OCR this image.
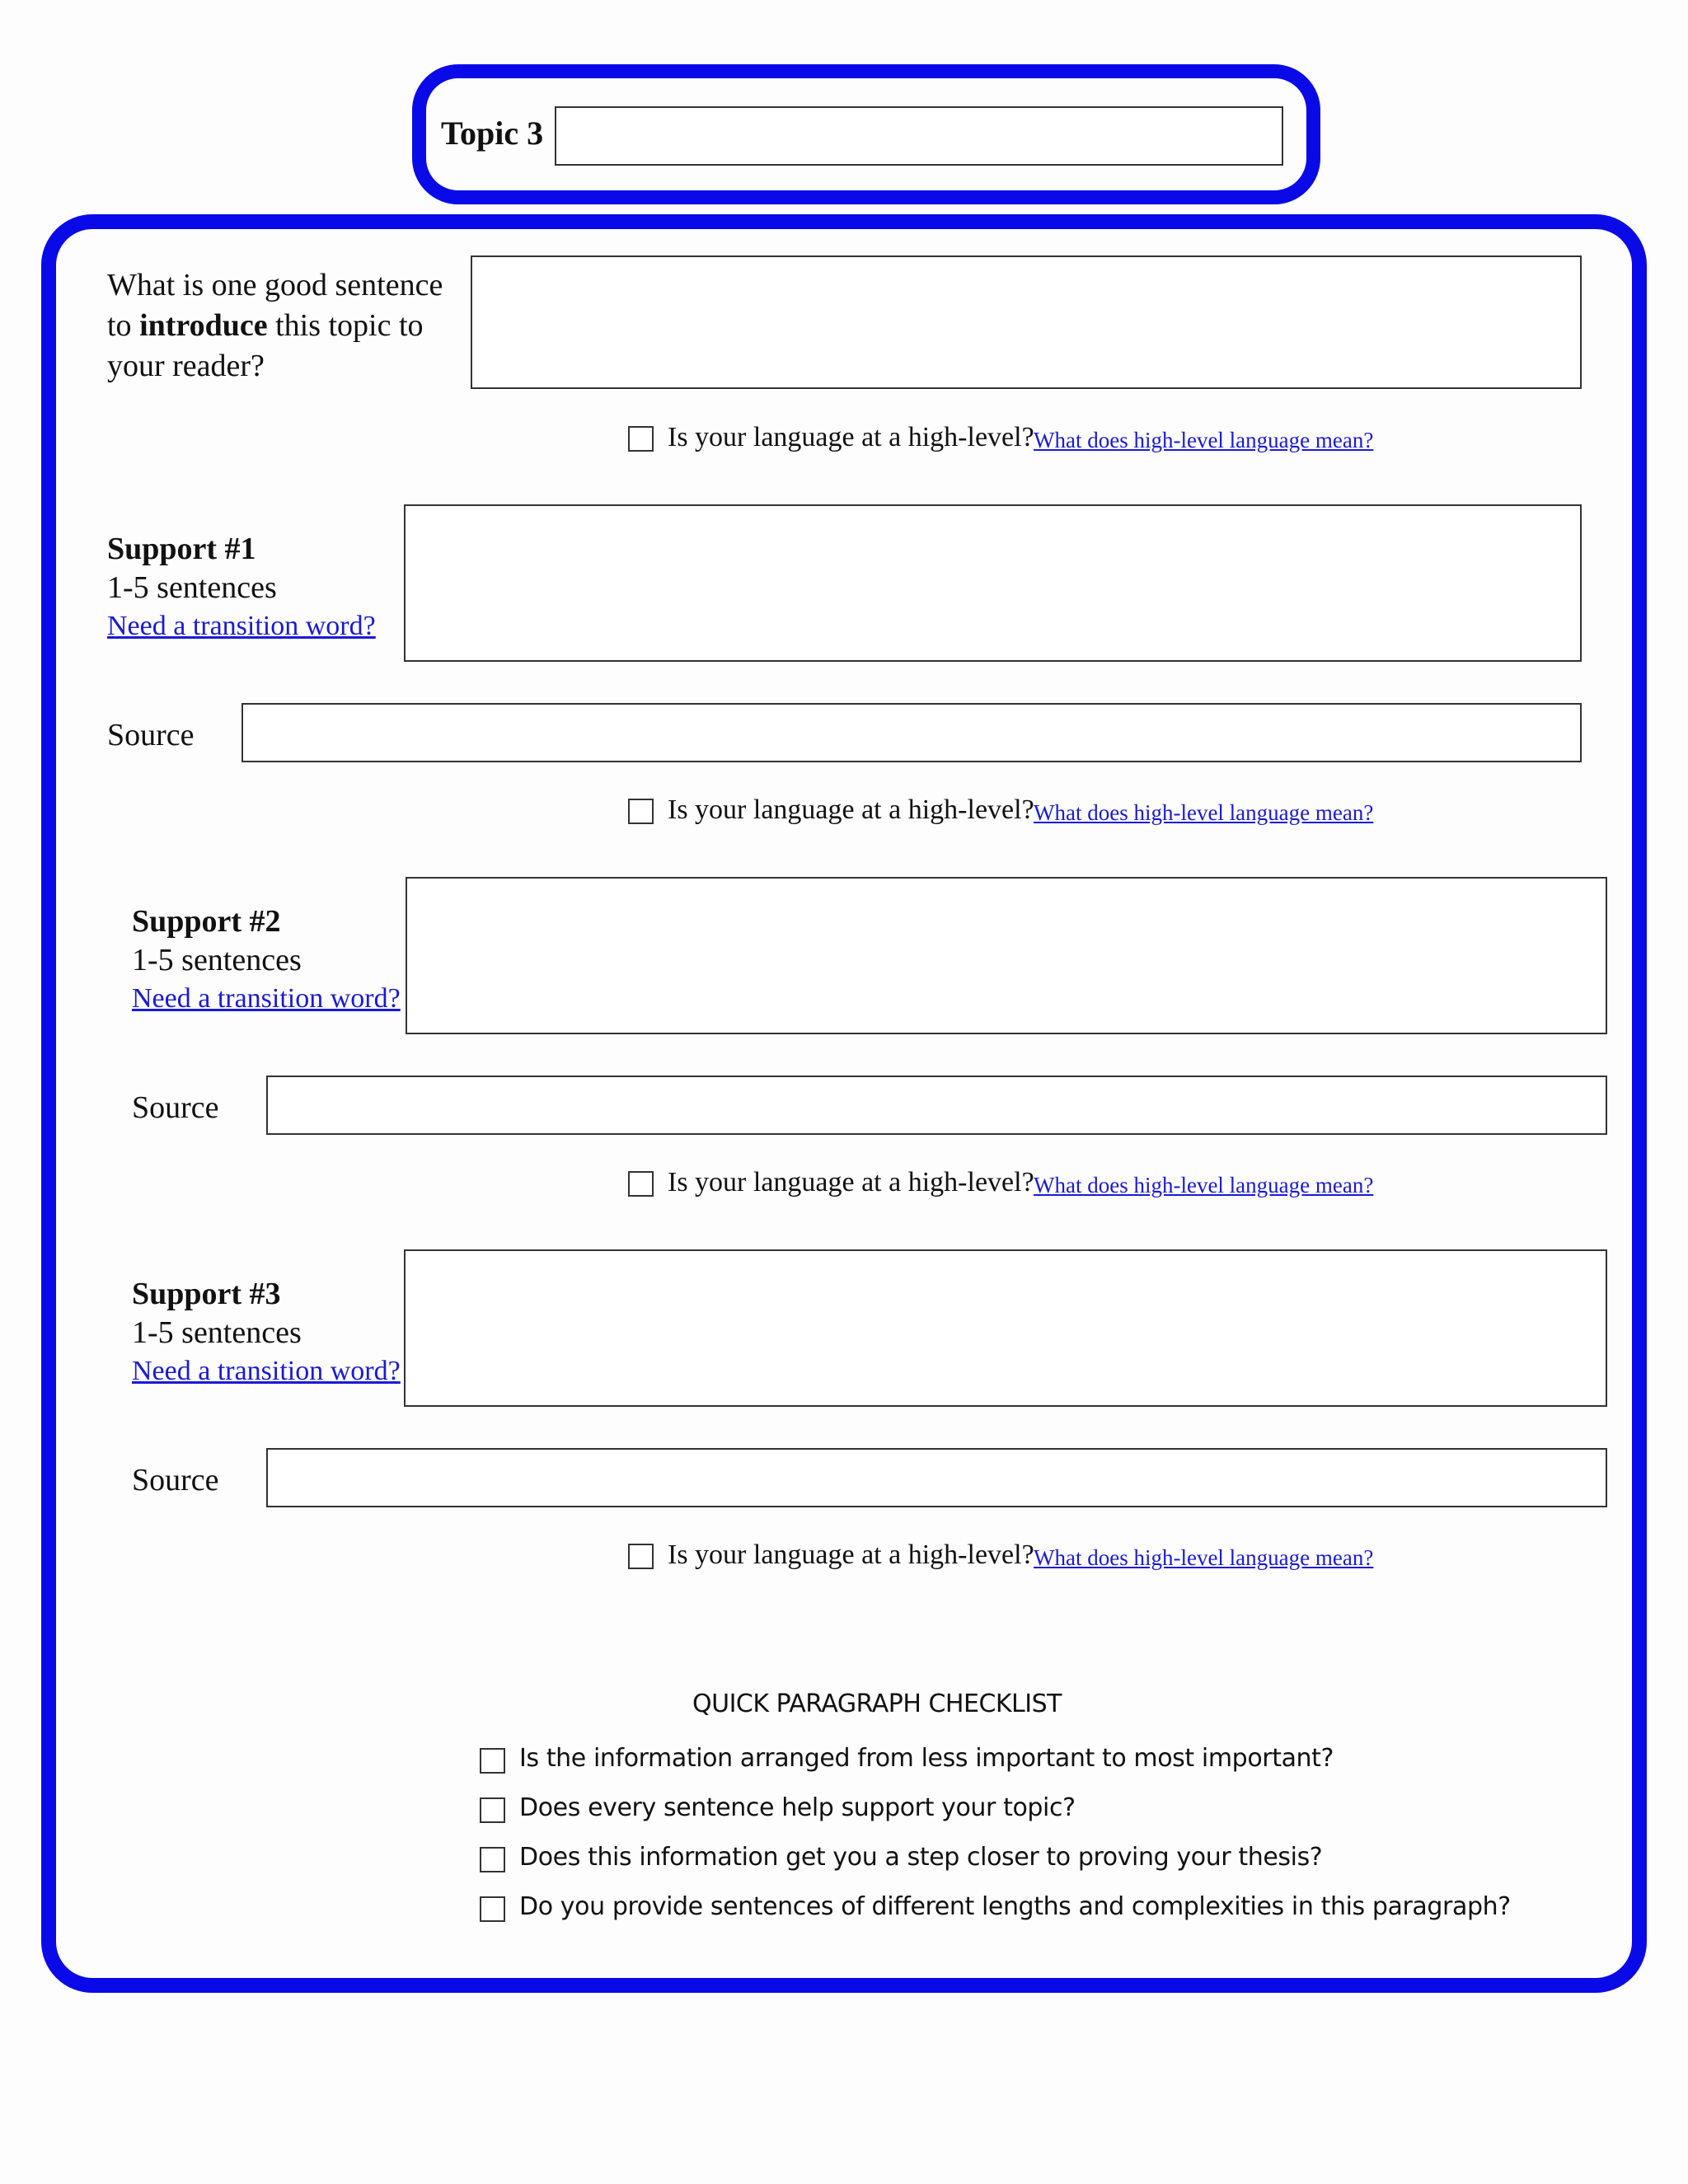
Topic 3
What is one good sentence to introduce this topic to your reader?
Is your language at a high-level? What does high-level language mean?
Support #1
1-5 sentences
Need a transition word?
Source
Is your language at a high-level? What does high-level language mean?
Support #2
1-5 sentences
Need a transition word?
Source
Is your language at a high-level? What does high-level language mean?
Support #3
1-5 sentences
Need a transition word?
Source
Is your language at a high-level? What does high-level language mean?
QUICK PARAGRAPH CHECKLIST
Is the information arranged from less important to most important?
Does every sentence help support your topic?
Does this information get you a step closer to proving your thesis?
Do you provide sentences of different lengths and complexities in this paragraph?
